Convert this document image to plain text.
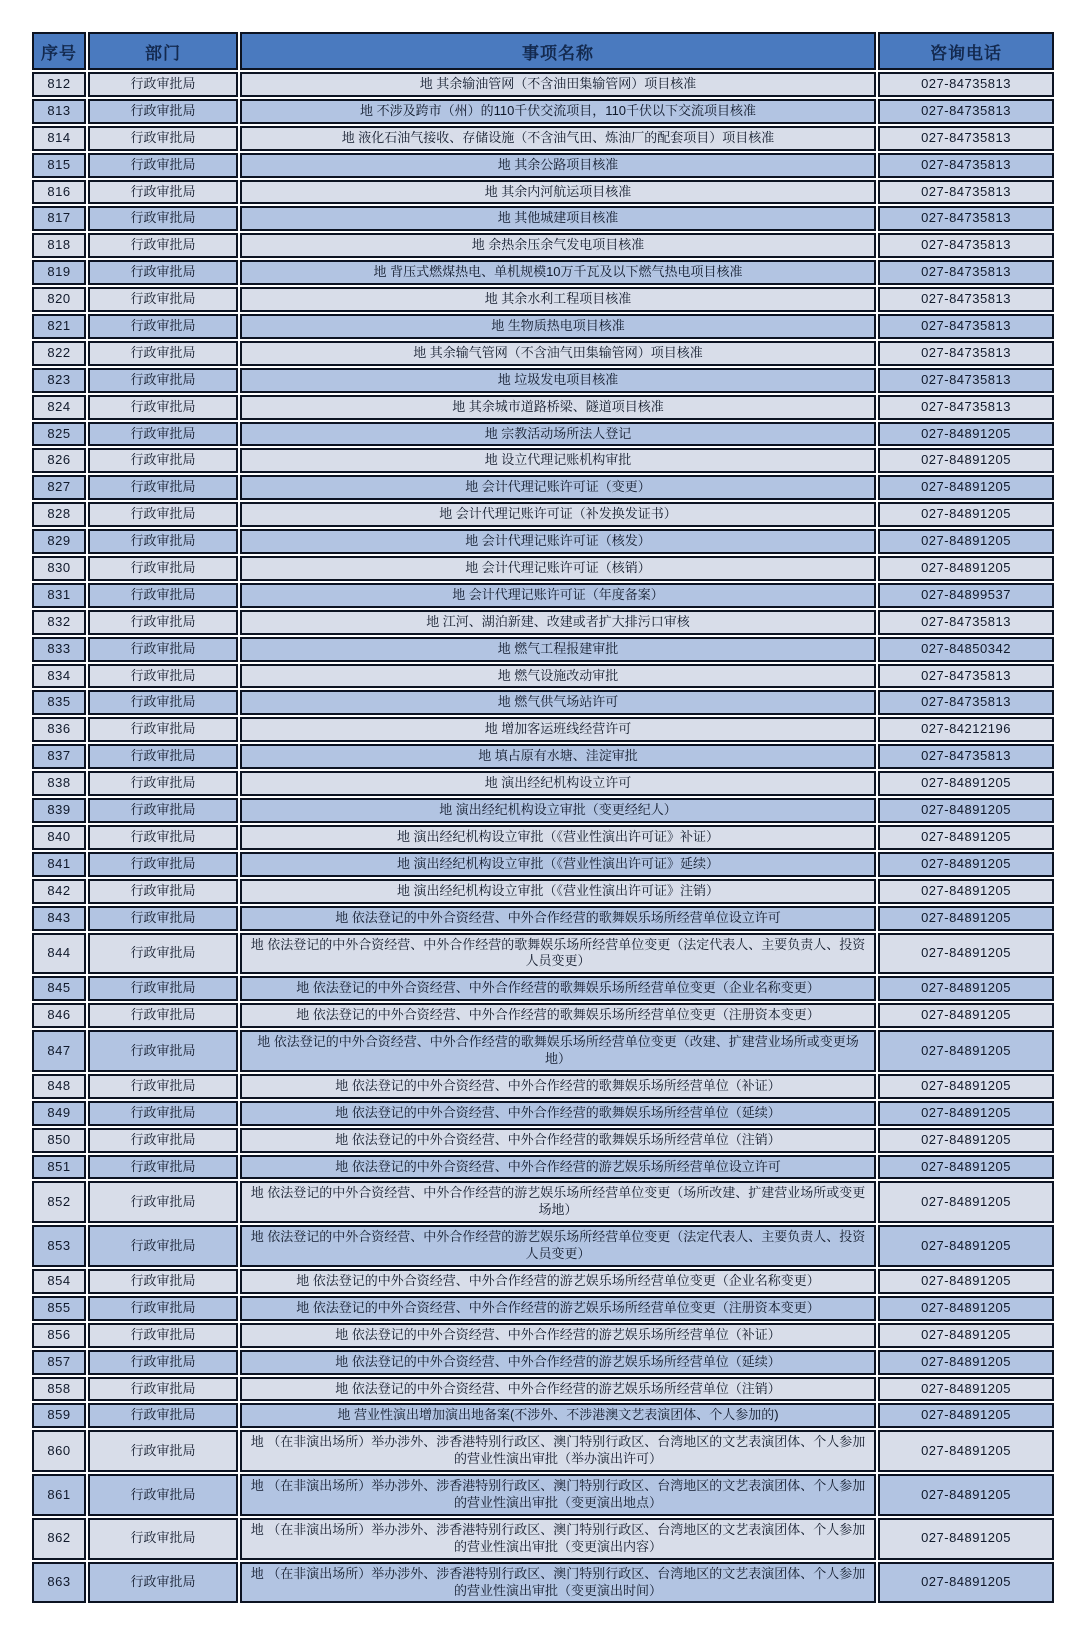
序号	部门	事项名称	咨询电话
812	行政审批局	地 其余输油管网（不含油田集输管网）项目核准	027-84735813
813	行政审批局	地 不涉及跨市（州）的110千伏交流项目，110千伏以下交流项目核准	027-84735813
814	行政审批局	地 液化石油气接收、存储设施（不含油气田、炼油厂的配套项目）项目核准	027-84735813
815	行政审批局	地 其余公路项目核准	027-84735813
816	行政审批局	地 其余内河航运项目核准	027-84735813
817	行政审批局	地 其他城建项目核准	027-84735813
818	行政审批局	地 余热余压余气发电项目核准	027-84735813
819	行政审批局	地 背压式燃煤热电、单机规模10万千瓦及以下燃气热电项目核准	027-84735813
820	行政审批局	地 其余水利工程项目核准	027-84735813
821	行政审批局	地 生物质热电项目核准	027-84735813
822	行政审批局	地 其余输气管网（不含油气田集输管网）项目核准	027-84735813
823	行政审批局	地 垃圾发电项目核准	027-84735813
824	行政审批局	地 其余城市道路桥梁、隧道项目核准	027-84735813
825	行政审批局	地 宗教活动场所法人登记	027-84891205
826	行政审批局	地 设立代理记账机构审批	027-84891205
827	行政审批局	地 会计代理记账许可证（变更）	027-84891205
828	行政审批局	地 会计代理记账许可证（补发换发证书）	027-84891205
829	行政审批局	地 会计代理记账许可证（核发）	027-84891205
830	行政审批局	地 会计代理记账许可证（核销）	027-84891205
831	行政审批局	地 会计代理记账许可证（年度备案）	027-84899537
832	行政审批局	地 江河、湖泊新建、改建或者扩大排污口审核	027-84735813
833	行政审批局	地 燃气工程报建审批	027-84850342
834	行政审批局	地 燃气设施改动审批	027-84735813
835	行政审批局	地 燃气供气场站许可	027-84735813
836	行政审批局	地 增加客运班线经营许可	027-84212196
837	行政审批局	地 填占原有水塘、洼淀审批	027-84735813
838	行政审批局	地 演出经纪机构设立许可	027-84891205
839	行政审批局	地 演出经纪机构设立审批（变更经纪人）	027-84891205
840	行政审批局	地 演出经纪机构设立审批（《营业性演出许可证》补证）	027-84891205
841	行政审批局	地 演出经纪机构设立审批（《营业性演出许可证》延续）	027-84891205
842	行政审批局	地 演出经纪机构设立审批（《营业性演出许可证》注销）	027-84891205
843	行政审批局	地 依法登记的中外合资经营、中外合作经营的歌舞娱乐场所经营单位设立许可	027-84891205
844	行政审批局	地 依法登记的中外合资经营、中外合作经营的歌舞娱乐场所经营单位变更（法定代表人、主要负责人、投资人员变更）	027-84891205
845	行政审批局	地 依法登记的中外合资经营、中外合作经营的歌舞娱乐场所经营单位变更（企业名称变更）	027-84891205
846	行政审批局	地 依法登记的中外合资经营、中外合作经营的歌舞娱乐场所经营单位变更（注册资本变更）	027-84891205
847	行政审批局	地 依法登记的中外合资经营、中外合作经营的歌舞娱乐场所经营单位变更（改建、扩建营业场所或变更场地）	027-84891205
848	行政审批局	地 依法登记的中外合资经营、中外合作经营的歌舞娱乐场所经营单位（补证）	027-84891205
849	行政审批局	地 依法登记的中外合资经营、中外合作经营的歌舞娱乐场所经营单位（延续）	027-84891205
850	行政审批局	地 依法登记的中外合资经营、中外合作经营的歌舞娱乐场所经营单位（注销）	027-84891205
851	行政审批局	地 依法登记的中外合资经营、中外合作经营的游艺娱乐场所经营单位设立许可	027-84891205
852	行政审批局	地 依法登记的中外合资经营、中外合作经营的游艺娱乐场所经营单位变更（场所改建、扩建营业场所或变更场地）	027-84891205
853	行政审批局	地 依法登记的中外合资经营、中外合作经营的游艺娱乐场所经营单位变更（法定代表人、主要负责人、投资人员变更）	027-84891205
854	行政审批局	地 依法登记的中外合资经营、中外合作经营的游艺娱乐场所经营单位变更（企业名称变更）	027-84891205
855	行政审批局	地 依法登记的中外合资经营、中外合作经营的游艺娱乐场所经营单位变更（注册资本变更）	027-84891205
856	行政审批局	地 依法登记的中外合资经营、中外合作经营的游艺娱乐场所经营单位（补证）	027-84891205
857	行政审批局	地 依法登记的中外合资经营、中外合作经营的游艺娱乐场所经营单位（延续）	027-84891205
858	行政审批局	地 依法登记的中外合资经营、中外合作经营的游艺娱乐场所经营单位（注销）	027-84891205
859	行政审批局	地 营业性演出增加演出地备案(不涉外、不涉港澳文艺表演团体、个人参加的)	027-84891205
860	行政审批局	地 （在非演出场所）举办涉外、涉香港特别行政区、澳门特别行政区、台湾地区的文艺表演团体、个人参加的营业性演出审批（举办演出许可）	027-84891205
861	行政审批局	地 （在非演出场所）举办涉外、涉香港特别行政区、澳门特别行政区、台湾地区的文艺表演团体、个人参加的营业性演出审批（变更演出地点）	027-84891205
862	行政审批局	地 （在非演出场所）举办涉外、涉香港特别行政区、澳门特别行政区、台湾地区的文艺表演团体、个人参加的营业性演出审批（变更演出内容）	027-84891205
863	行政审批局	地 （在非演出场所）举办涉外、涉香港特别行政区、澳门特别行政区、台湾地区的文艺表演团体、个人参加的营业性演出审批（变更演出时间）	027-84891205
